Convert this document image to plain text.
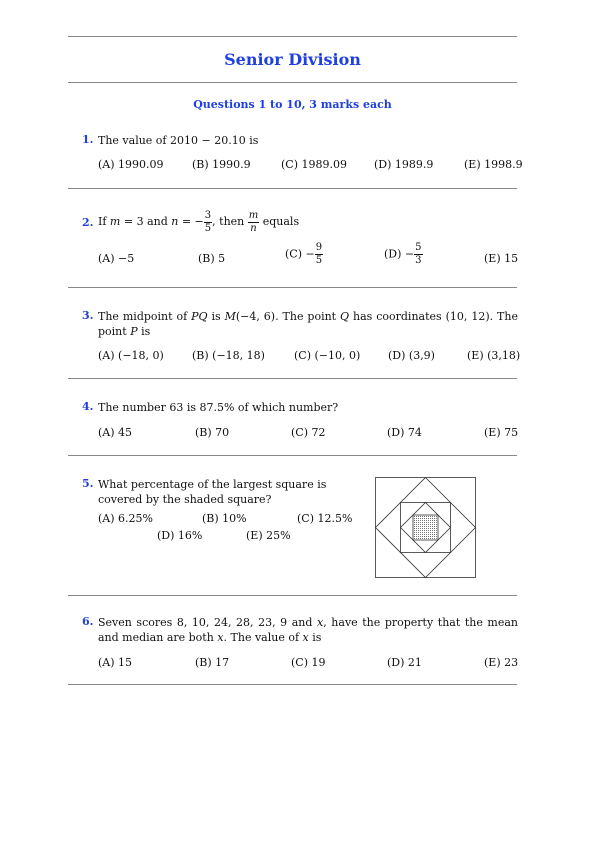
Senior Division
Questions 1 to 10, 3 marks each
1. The value of 2010 − 20.10 is
(A) 1990.09	(B) 1990.9	(C) 1989.09 (D) 1989.9	(E) 1998.9
2. If m = 3 and n = − $\frac{3}{5}$ , then $\frac{m}{n}$ equals
(A) −5	(B) 5	$(C) - \frac{9}{5}$	$(D) - \frac{5}{3}$	(E) 15
3. The midpoint of PQ is M(−4, 6). The point Q has coordinates (10, 12). The point P is
(A) (−18, 0)	(B) (−18, 18)	(C) (−10, 0)	(D) (3,9)	(E) (3,18)
4. The number 63 is 87.5% of which number?
(A) 45	(B) 70	(C) 72	(D) 74	(E) 75
5. What percentage of the largest square is covered by the shaded square?
(A) 6.25%	(B) 10%	(C) 12.5%
(D) 16%	(E) 25%
6. Seven scores 8, 10, 24, 28, 23, 9 and x, have the property that the mean and median are both x. The value of x is
(A) 15	(B) 17	(C) 19	(D) 21	(E) 23
